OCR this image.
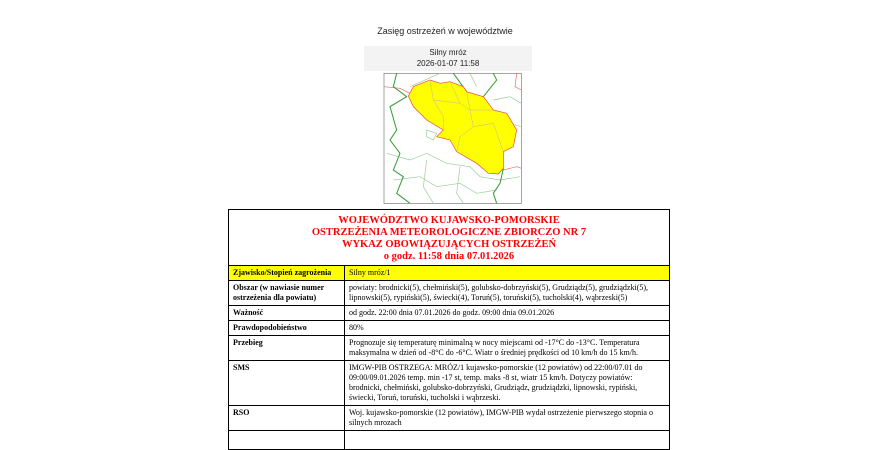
Zasięg ostrzeżeń w województwie
Silny mróz
2026-01-07 11:58
WOJEWÓDZTWO KUJAWSKO-POMORSKIE
OSTRZEŻENIA METEOROLOGICZNE ZBIORCZO NR 7
WYKAZ OBOWIĄZUJĄCYCH OSTRZEŻEŃ
o godz. 11:58 dnia 07.01.2026	

Zjawisko/Stopień zagrożenia	Silny mróz/1
Obszar (w nawiasie numer ostrzeżenia dla powiatu)	powiaty: brodnicki(5), chełmiński(5), golubsko-dobrzyński(5), Grudziądz(5), grudziądzki(5), lipnowski(5), rypiński(5), świecki(4), Toruń(5), toruński(5), tucholski(4), wąbrzeski(5)
Ważność	od godz. 22:00 dnia 07.01.2026 do godz. 09:00 dnia 09.01.2026
Prawdopodobieństwo	80%
Przebieg	Prognozuje się temperaturę minimalną w nocy miejscami od -17°C do -13°C. Temperatura maksymalna w dzień od -8°C do -6°C. Wiatr o średniej prędkości od 10 km/h do 15 km/h.
SMS	IMGW-PIB OSTRZEGA: MRÓZ/1 kujawsko-pomorskie (12 powiatów) od 22:00/07.01 do 09:00/09.01.2026 temp. min -17 st, temp. maks -8 st, wiatr 15 km/h. Dotyczy powiatów: brodnicki, chełmiński, golubsko-dobrzyński, Grudziądz, grudziądzki, lipnowski, rypiński, świecki, Toruń, toruński, tucholski i wąbrzeski.
RSO	Woj. kujawsko-pomorskie (12 powiatów), IMGW-PIB wydał ostrzeżenie pierwszego stopnia o silnych mrozach
